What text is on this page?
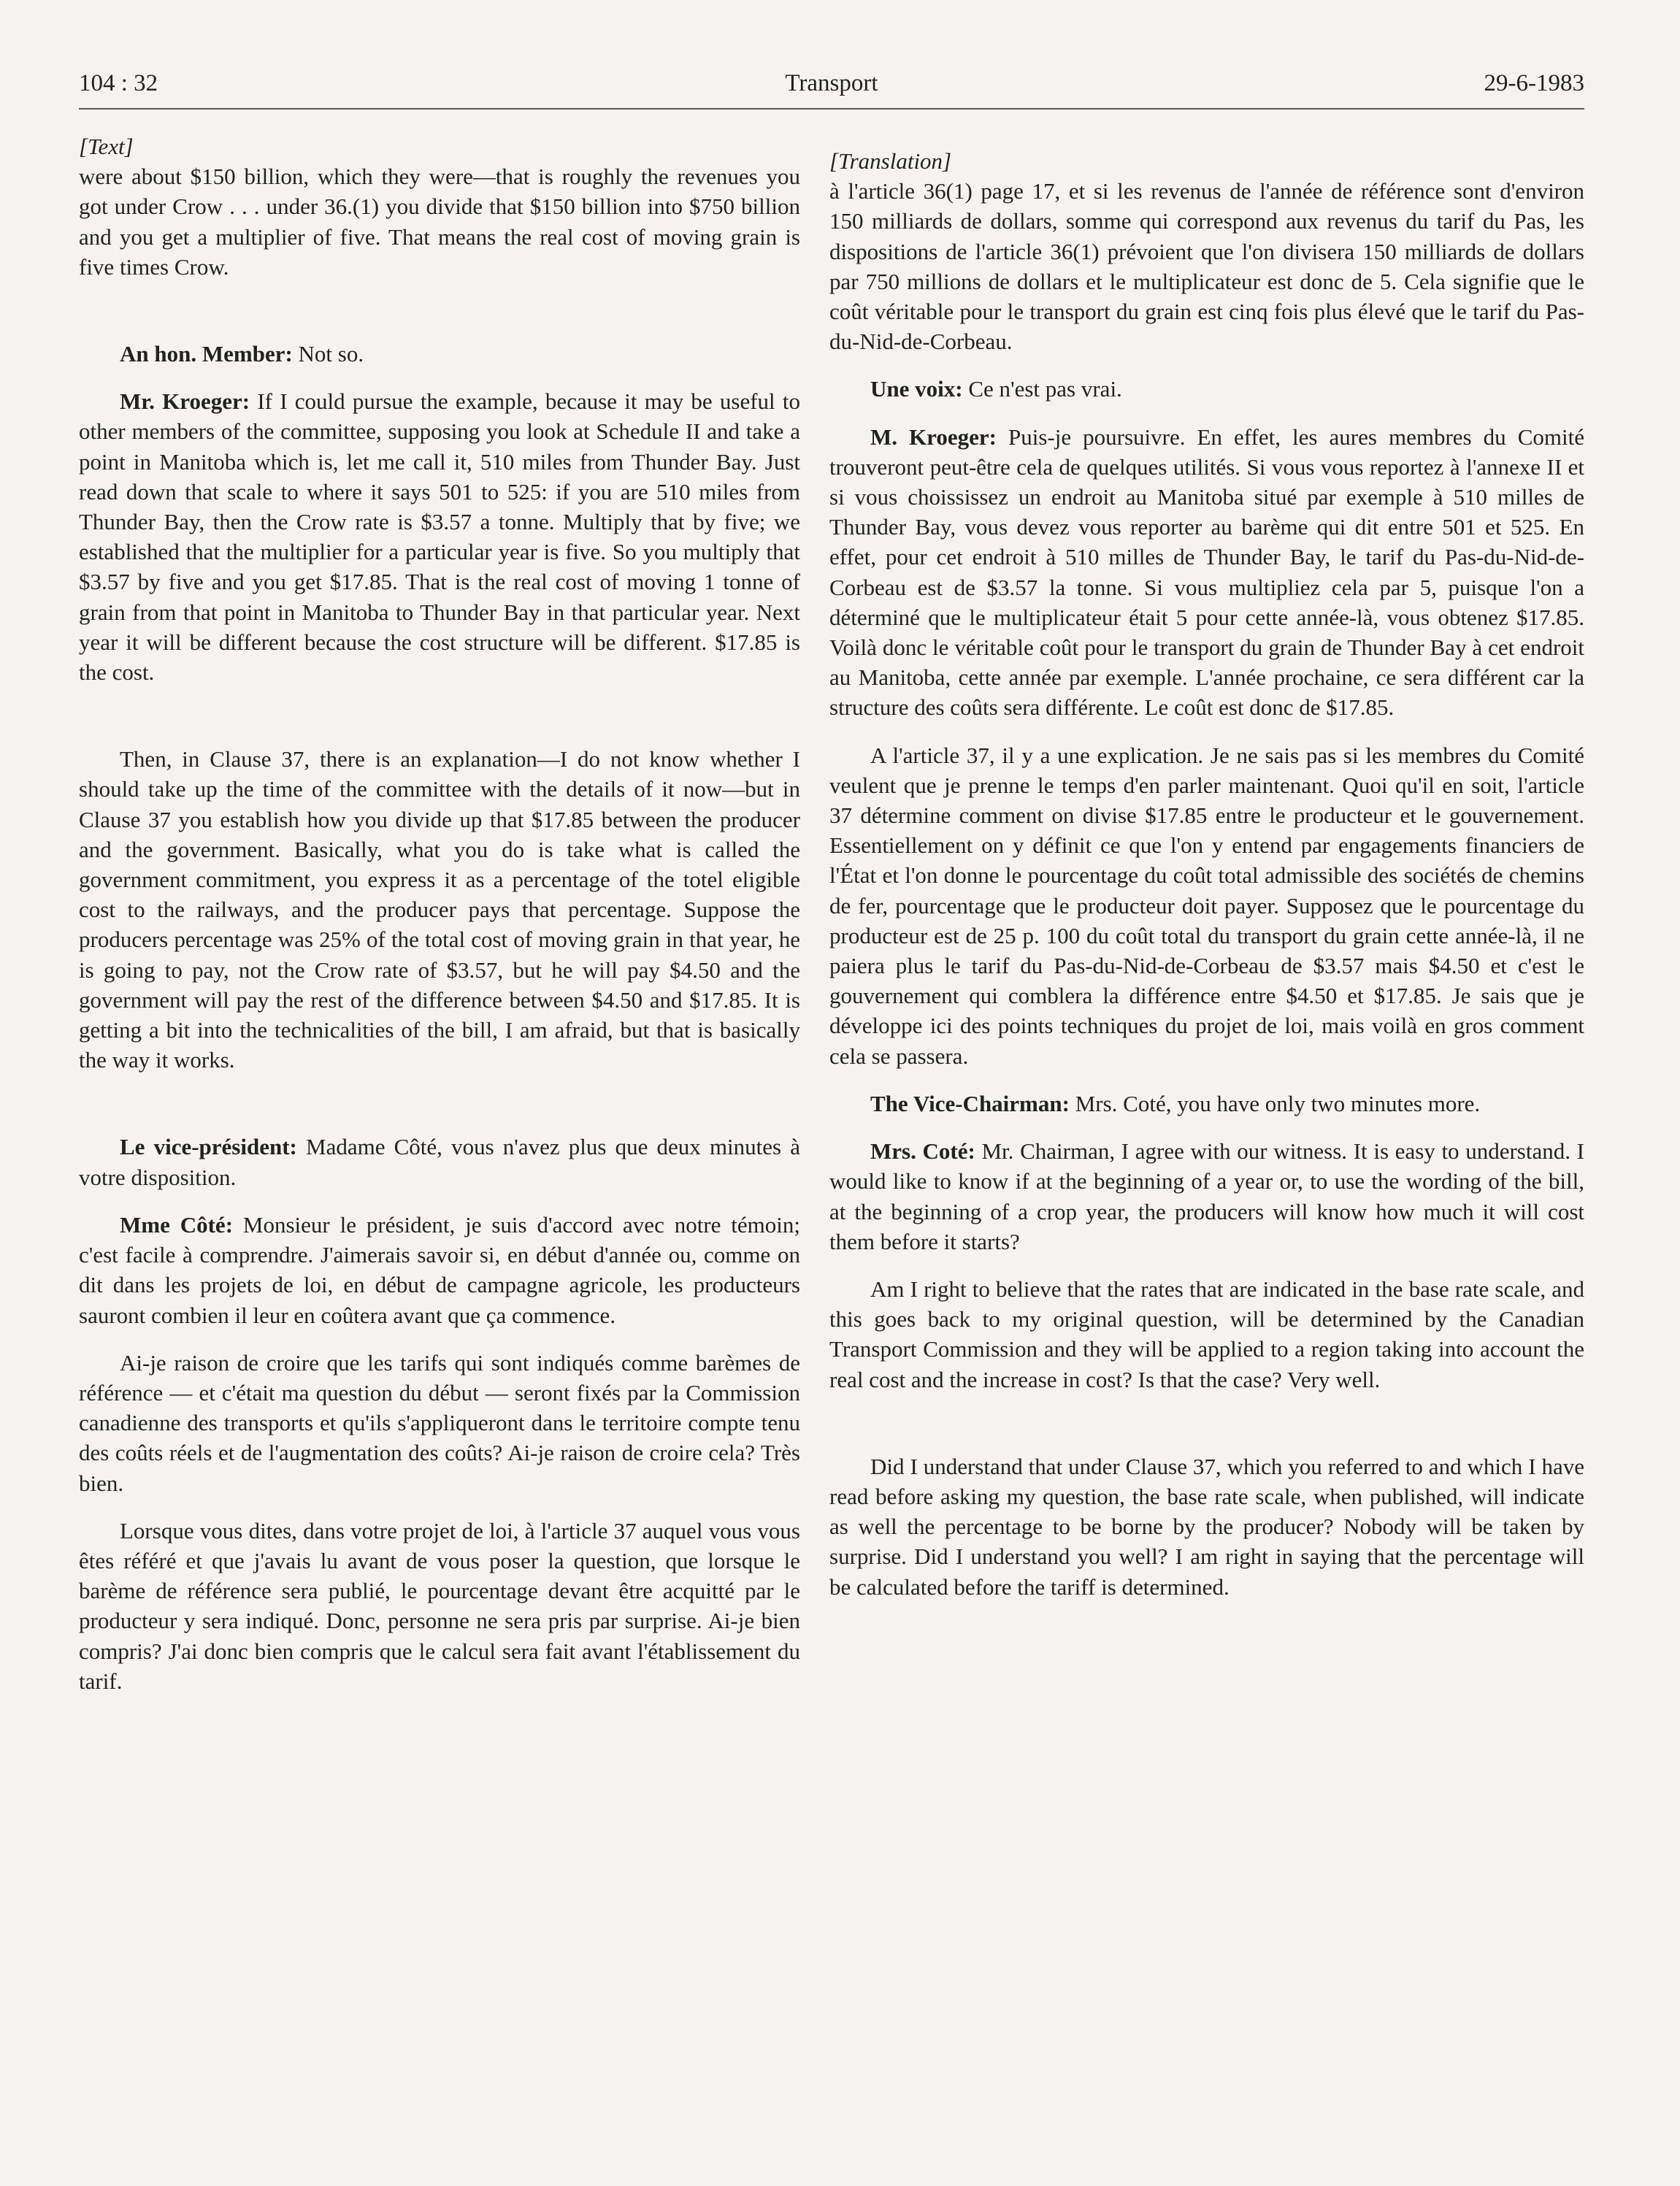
104 : 32	Transport	29-6-1983

[Text]

were about $150 billion, which they were—that is roughly the revenues you got under Crow . . . under 36.(1) you divide that $150 billion into $750 billion and you get a multiplier of five. That means the real cost of moving grain is five times Crow.

An hon. Member: Not so.

Mr. Kroeger: If I could pursue the example, because it may be useful to other members of the committee, supposing you look at Schedule II and take a point in Manitoba which is, let me call it, 510 miles from Thunder Bay. Just read down that scale to where it says 501 to 525: if you are 510 miles from Thunder Bay, then the Crow rate is $3.57 a tonne. Multiply that by five; we established that the multiplier for a particular year is five. So you multiply that $3.57 by five and you get $17.85. That is the real cost of moving 1 tonne of grain from that point in Manitoba to Thunder Bay in that particular year. Next year it will be different because the cost structure will be different. $17.85 is the cost.

Then, in Clause 37, there is an explanation—I do not know whether I should take up the time of the committee with the details of it now—but in Clause 37 you establish how you divide up that $17.85 between the producer and the government. Basically, what you do is take what is called the government commitment, you express it as a percentage of the totel eligible cost to the railways, and the producer pays that percentage. Suppose the producers percentage was 25% of the total cost of moving grain in that year, he is going to pay, not the Crow rate of $3.57, but he will pay $4.50 and the government will pay the rest of the difference between $4.50 and $17.85. It is getting a bit into the technicalities of the bill, I am afraid, but that is basically the way it works.

Le vice-président: Madame Côté, vous n'avez plus que deux minutes à votre disposition.

Mme Côté: Monsieur le président, je suis d'accord avec notre témoin; c'est facile à comprendre. J'aimerais savoir si, en début d'année ou, comme on dit dans les projets de loi, en début de campagne agricole, les producteurs sauront combien il leur en coûtera avant que ça commence.

Ai-je raison de croire que les tarifs qui sont indiqués comme barèmes de référence — et c'était ma question du début — seront fixés par la Commission canadienne des transports et qu'ils s'appliqueront dans le territoire compte tenu des coûts réels et de l'augmentation des coûts? Ai-je raison de croire cela? Très bien.

Lorsque vous dites, dans votre projet de loi, à l'article 37 auquel vous vous êtes référé et que j'avais lu avant de vous poser la question, que lorsque le barème de référence sera publié, le pourcentage devant être acquitté par le producteur y sera indiqué. Donc, personne ne sera pris par surprise. Ai-je bien compris? J'ai donc bien compris que le calcul sera fait avant l'établissement du tarif.

[Translation]

à l'article 36(1) page 17, et si les revenus de l'année de référence sont d'environ 150 milliards de dollars, somme qui correspond aux revenus du tarif du Pas, les dispositions de l'article 36(1) prévoient que l'on divisera 150 milliards de dollars par 750 millions de dollars et le multiplicateur est donc de 5. Cela signifie que le coût véritable pour le transport du grain est cinq fois plus élevé que le tarif du Pas-du-Nid-de-Corbeau.

Une voix: Ce n'est pas vrai.

M. Kroeger: Puis-je poursuivre. En effet, les aures membres du Comité trouveront peut-être cela de quelques utilités. Si vous vous reportez à l'annexe II et si vous choississez un endroit au Manitoba situé par exemple à 510 milles de Thunder Bay, vous devez vous reporter au barème qui dit entre 501 et 525. En effet, pour cet endroit à 510 milles de Thunder Bay, le tarif du Pas-du-Nid-de-Corbeau est de $3.57 la tonne. Si vous multipliez cela par 5, puisque l'on a déterminé que le multiplicateur était 5 pour cette année-là, vous obtenez $17.85. Voilà donc le véritable coût pour le transport du grain de Thunder Bay à cet endroit au Manitoba, cette année par exemple. L'année prochaine, ce sera différent car la structure des coûts sera différente. Le coût est donc de $17.85.

A l'article 37, il y a une explication. Je ne sais pas si les membres du Comité veulent que je prenne le temps d'en parler maintenant. Quoi qu'il en soit, l'article 37 détermine comment on divise $17.85 entre le producteur et le gouvernement. Essentiellement on y définit ce que l'on y entend par engagements financiers de l'État et l'on donne le pourcentage du coût total admissible des sociétés de chemins de fer, pourcentage que le producteur doit payer. Supposez que le pourcentage du producteur est de 25 p. 100 du coût total du transport du grain cette année-là, il ne paiera plus le tarif du Pas-du-Nid-de-Corbeau de $3.57 mais $4.50 et c'est le gouvernement qui comblera la différence entre $4.50 et $17.85. Je sais que je développe ici des points techniques du projet de loi, mais voilà en gros comment cela se passera.

The Vice-Chairman: Mrs. Coté, you have only two minutes more.

Mrs. Coté: Mr. Chairman, I agree with our witness. It is easy to understand. I would like to know if at the beginning of a year or, to use the wording of the bill, at the beginning of a crop year, the producers will know how much it will cost them before it starts?

Am I right to believe that the rates that are indicated in the base rate scale, and this goes back to my original question, will be determined by the Canadian Transport Commission and they will be applied to a region taking into account the real cost and the increase in cost? Is that the case? Very well.

Did I understand that under Clause 37, which you referred to and which I have read before asking my question, the base rate scale, when published, will indicate as well the percentage to be borne by the producer? Nobody will be taken by surprise. Did I understand you well? I am right in saying that the percentage will be calculated before the tariff is determined.
